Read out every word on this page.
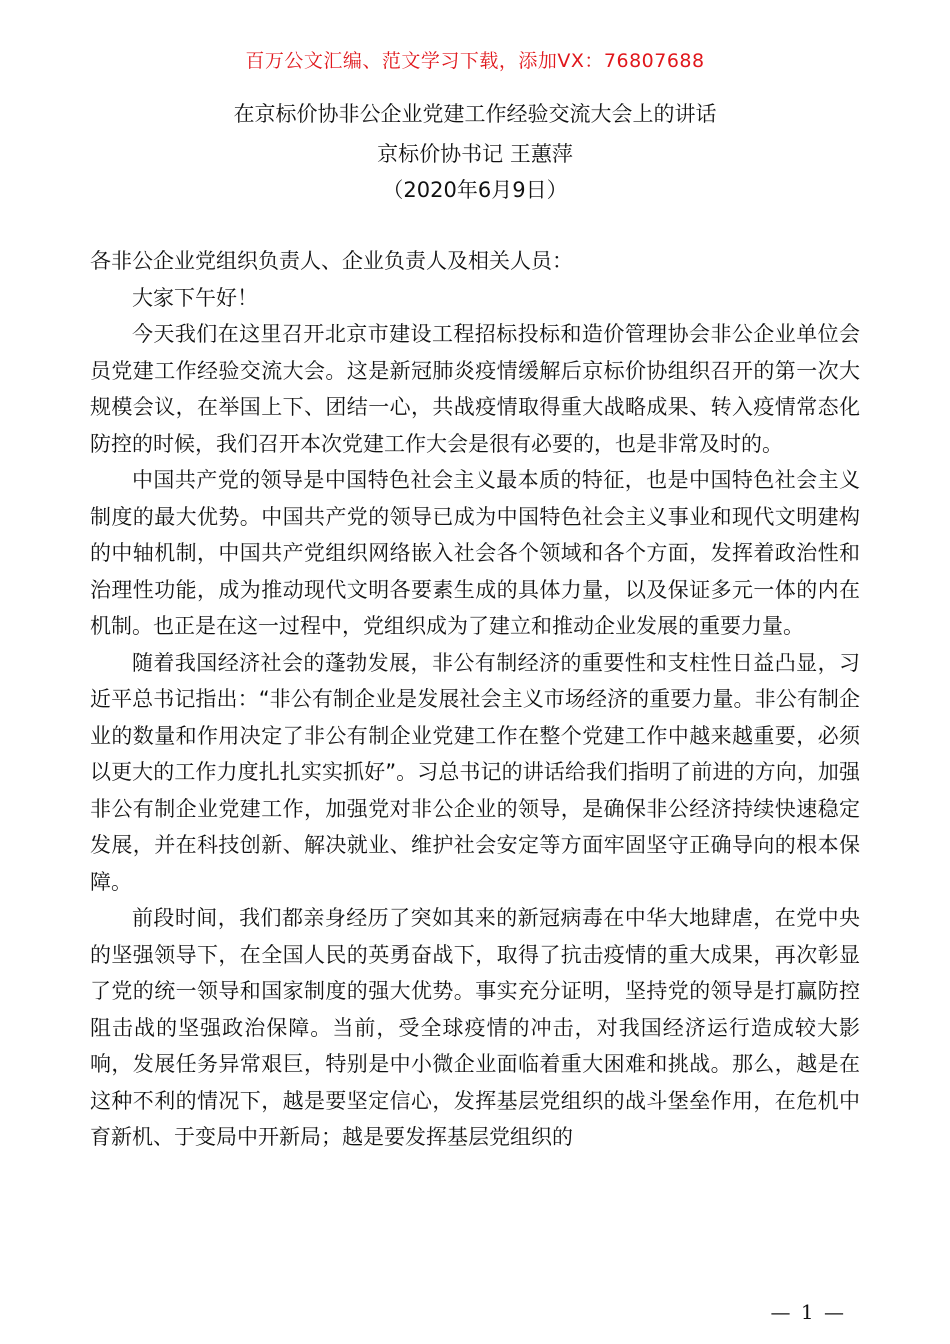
百万公文汇编、范文学习下载，添加VX：76807688
在京标价协非公企业党建工作经验交流大会上的讲话
京标价协书记 王蕙萍
（2020年6月9日）

各非公企业党组织负责人、企业负责人及相关人员：

大家下午好！

今天我们在这里召开北京市建设工程招标投标和造价管理协会非公企业单位会员党建工作经验交流大会。这是新冠肺炎疫情缓解后京标价协组织召开的第一次大规模会议，在举国上下、团结一心，共战疫情取得重大战略成果、转入疫情常态化防控的时候，我们召开本次党建工作大会是很有必要的，也是非常及时的。

中国共产党的领导是中国特色社会主义最本质的特征，也是中国特色社会主义制度的最大优势。中国共产党的领导已成为中国特色社会主义事业和现代文明建构的中轴机制，中国共产党组织网络嵌入社会各个领域和各个方面，发挥着政治性和治理性功能，成为推动现代文明各要素生成的具体力量，以及保证多元一体的内在机制。也正是在这一过程中，党组织成为了建立和推动企业发展的重要力量。

随着我国经济社会的蓬勃发展，非公有制经济的重要性和支柱性日益凸显，习近平总书记指出：“非公有制企业是发展社会主义市场经济的重要力量。非公有制企业的数量和作用决定了非公有制企业党建工作在整个党建工作中越来越重要，必须以更大的工作力度扎扎实实抓好”。习总书记的讲话给我们指明了前进的方向，加强非公有制企业党建工作，加强党对非公企业的领导，是确保非公经济持续快速稳定发展，并在科技创新、解决就业、维护社会安定等方面牢固坚守正确导向的根本保障。

前段时间，我们都亲身经历了突如其来的新冠病毒在中华大地肆虐，在党中央的坚强领导下，在全国人民的英勇奋战下，取得了抗击疫情的重大成果，再次彰显了党的统一领导和国家制度的强大优势。事实充分证明，坚持党的领导是打赢防控阻击战的坚强政治保障。当前，受全球疫情的冲击，对我国经济运行造成较大影响，发展任务异常艰巨，特别是中小微企业面临着重大困难和挑战。那么，越是在这种不利的情况下，越是要坚定信心，发挥基层党组织的战斗堡垒作用，在危机中育新机、于变局中开新局；越是要发挥基层党组织的

— 1 —
